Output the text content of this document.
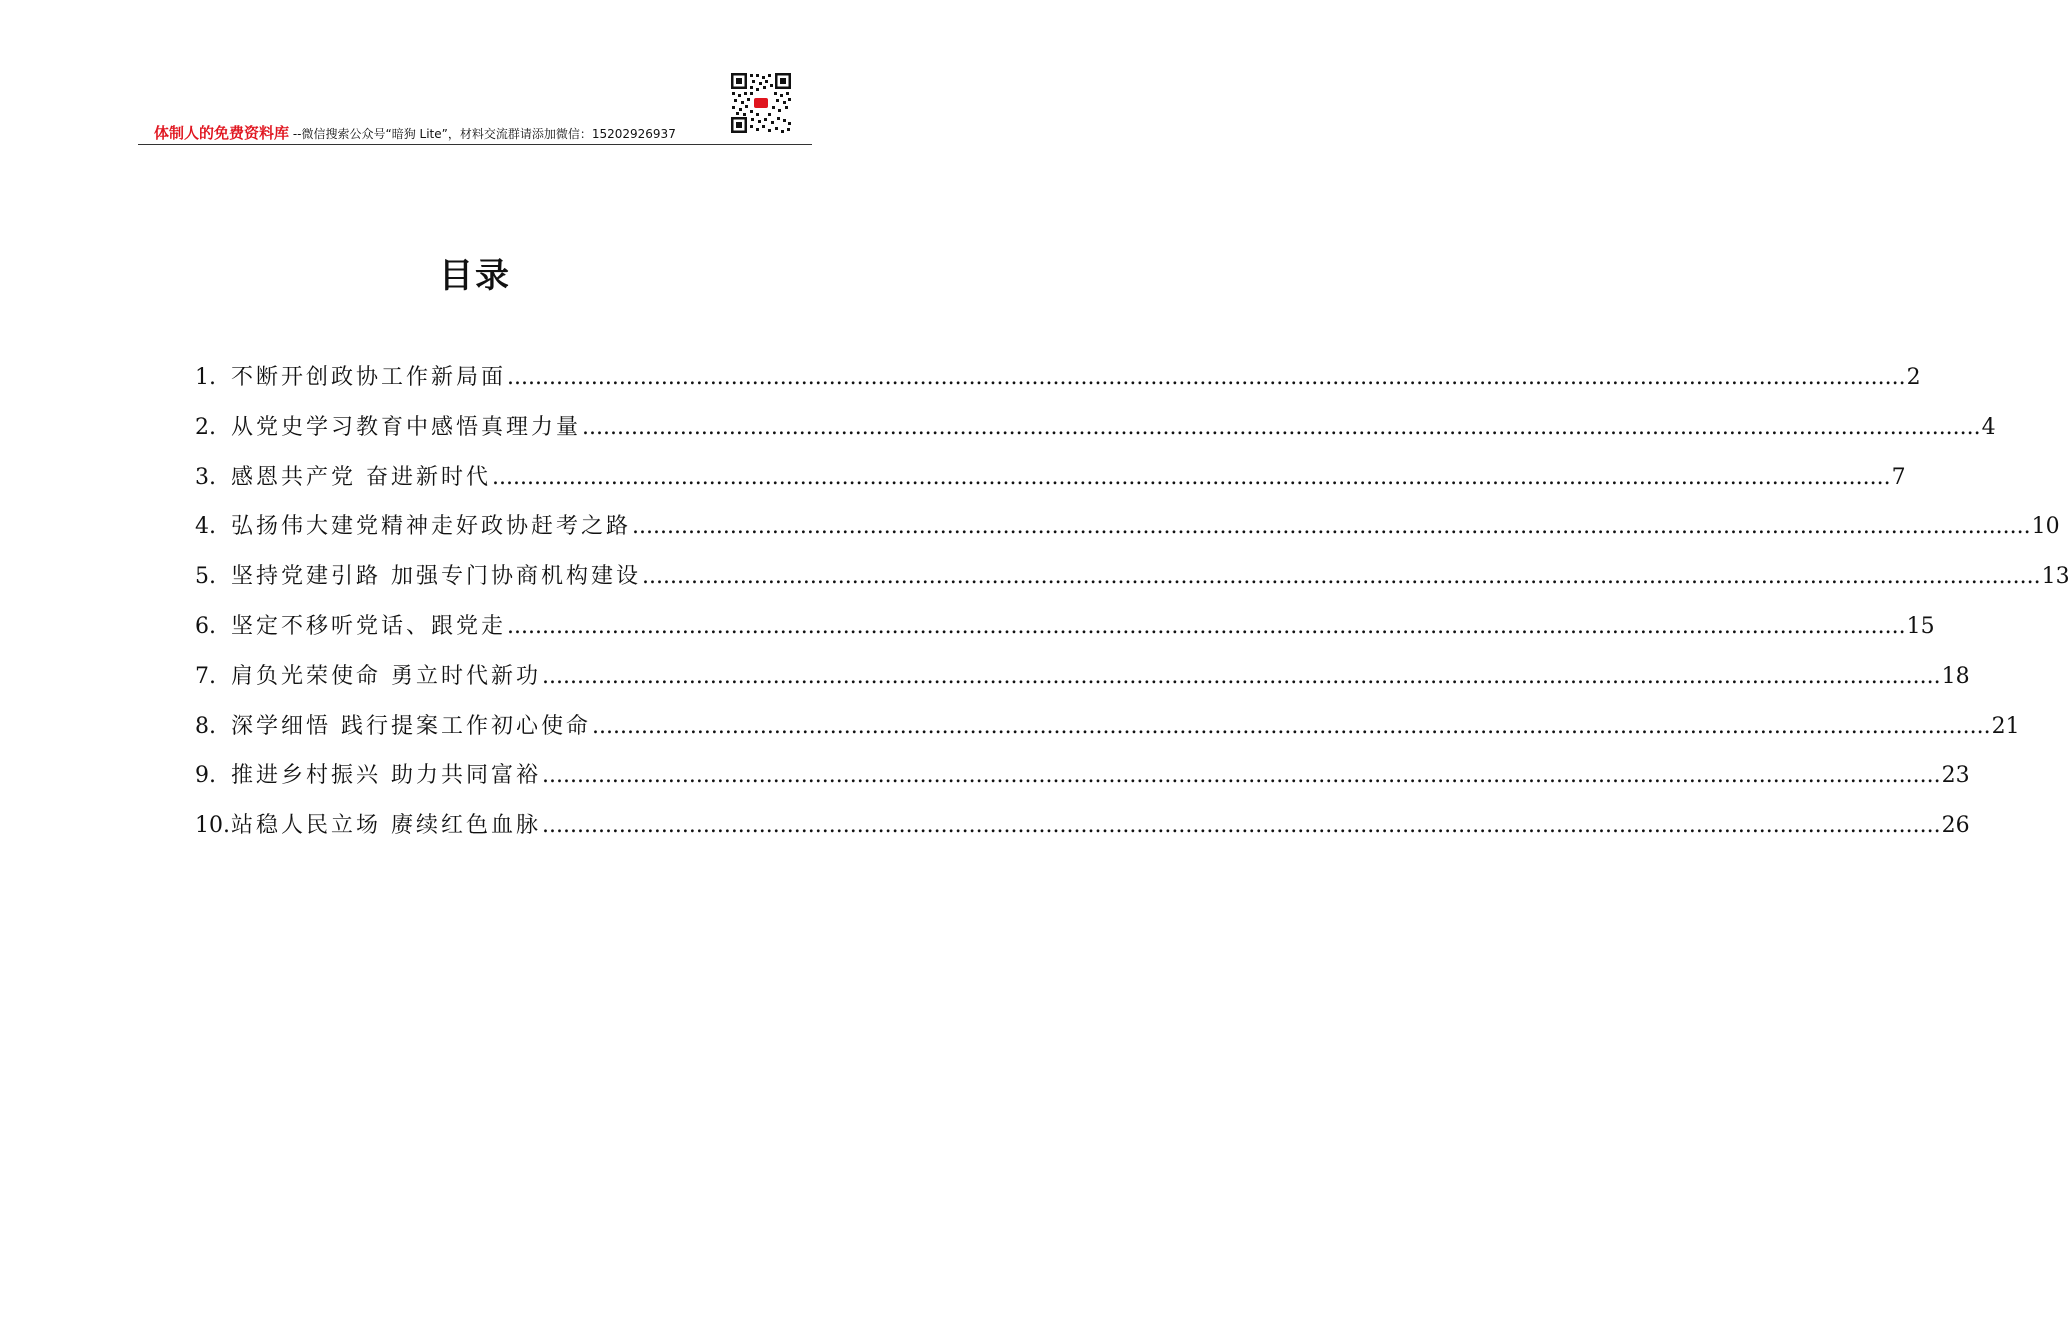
体制人的免费资料库 --微信搜索公众号“暗狗 Lite”，材料交流群请添加微信：15202926937
目录
1. 不断开创政协工作新局面 ........................................................................................................................................................................................................ 2
2. 从党史学习教育中感悟真理力量 ........................................................................................................................................................................................................ 4
3. 感恩共产党 奋进新时代 ........................................................................................................................................................................................................ 7
4. 弘扬伟大建党精神走好政协赶考之路 ........................................................................................................................................................................................................ 10
5. 坚持党建引路 加强专门协商机构建设 ........................................................................................................................................................................................................ 13
6. 坚定不移听党话、跟党走 ........................................................................................................................................................................................................ 15
7. 肩负光荣使命 勇立时代新功 ........................................................................................................................................................................................................ 18
8. 深学细悟 践行提案工作初心使命 ........................................................................................................................................................................................................ 21
9. 推进乡村振兴 助力共同富裕 ........................................................................................................................................................................................................ 23
10. 站稳人民立场 赓续红色血脉 ........................................................................................................................................................................................................ 26
